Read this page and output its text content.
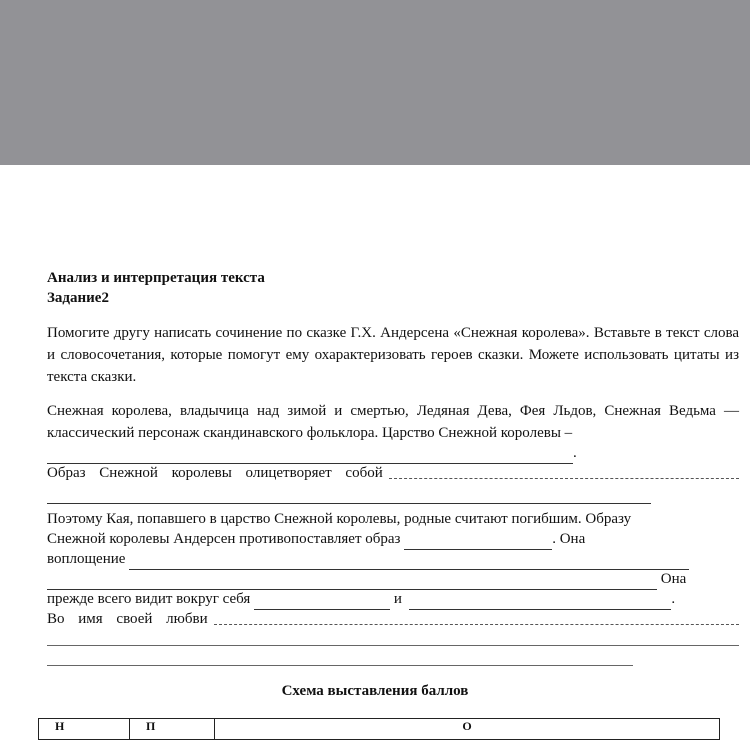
Анализ и интерпретация текста

Задание2

Помогите другу написать сочинение по сказке Г.Х. Андерсена «Снежная королева». Вставьте в текст слова и словосочетания, которые помогут ему охарактеризовать героев сказки. Можете использовать цитаты из текста сказки.

Снежная королева, владычица над зимой и смертью, Ледяная Дева, Фея Льдов, Снежная Ведьма — классический персонаж скандинавского фольклора. Царство Снежной королевы –

.
Образ Снежной королевы олицетворяет собой
Поэтому Кая, попавшего в царство Снежной королевы, родные считают погибшим. Образу
Снежной королевы Андерсен противопоставляет образ
	. Она
воплощение

Она
прежде всего видит вокруг себя

	и
	.
Во имя своей любви
Схема выставления баллов
Н	П	О
